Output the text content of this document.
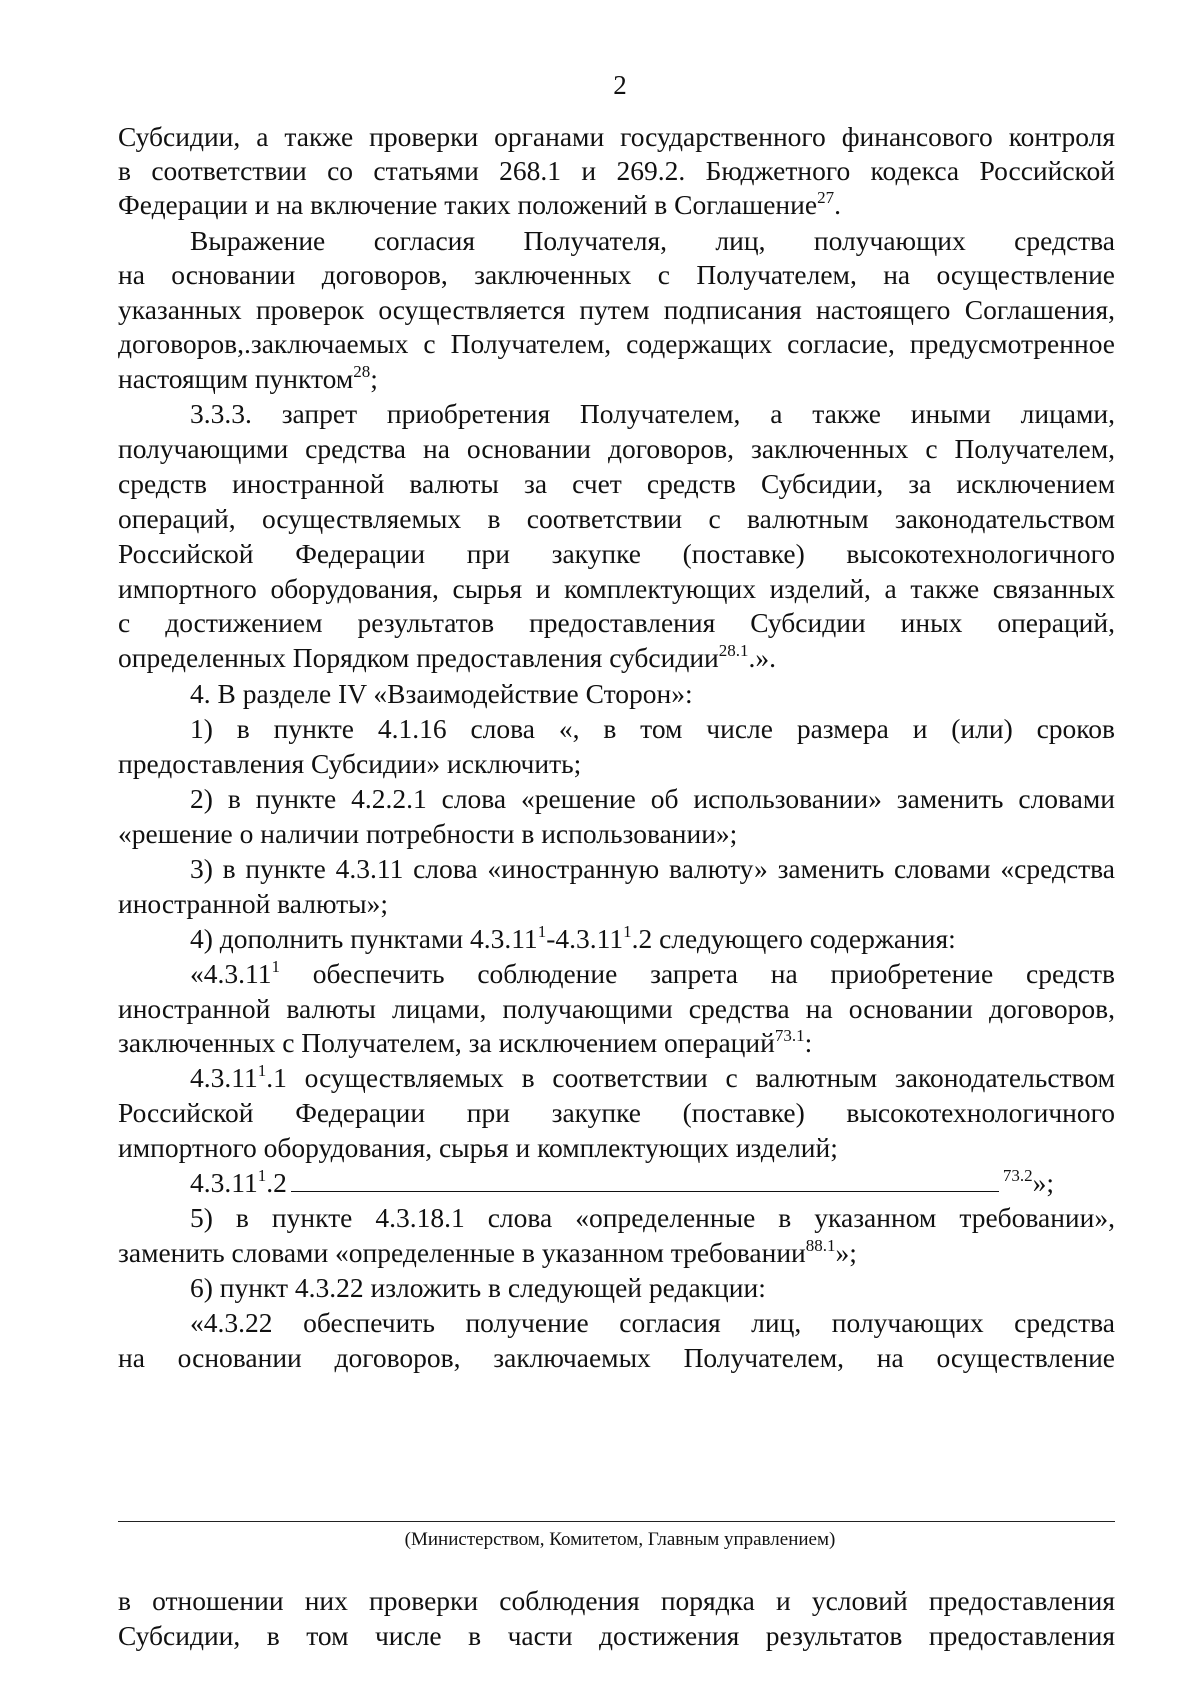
2
Субсидии, а также проверки органами государственного финансового контроля
в соответствии со статьями 268.1 и 269.2. Бюджетного кодекса Российской
Федерации и на включение таких положений в Соглашение$^{27}$.
Выражение согласия Получателя, лиц, получающих средства
на основании договоров, заключенных с Получателем, на осуществление
указанных проверок осуществляется путем подписания настоящего Соглашения,
договоров,.заключаемых с Получателем, содержащих согласие, предусмотренное
настоящим пунктом$^{28}$;
3.3.3. запрет приобретения Получателем, а также иными лицами,
получающими средства на основании договоров, заключенных с Получателем,
средств иностранной валюты за счет средств Субсидии, за исключением
операций, осуществляемых в соответствии с валютным законодательством
Российской Федерации при закупке (поставке) высокотехнологичного
импортного оборудования, сырья и комплектующих изделий, а также связанных
с достижением результатов предоставления Субсидии иных операций,
определенных Порядком предоставления субсидии$^{28.1}$.».
4. В разделе IV «Взаимодействие Сторон»:
1) в пункте 4.1.16 слова «, в том числе размера и (или) сроков
предоставления Субсидии» исключить;
2) в пункте 4.2.2.1 слова «решение об использовании» заменить словами
«решение о наличии потребности в использовании»;
3) в пункте 4.3.11 слова «иностранную валюту» заменить словами «средства
иностранной валюты»;
4) дополнить пунктами 4.3.11$^1$-4.3.11$^1$.2 следующего содержания:
«4.3.11$^1$ обеспечить соблюдение запрета на приобретение средств
иностранной валюты лицами, получающими средства на основании договоров,
заключенных с Получателем, за исключением операций$^{73.1}$:
4.3.11$^1$.1 осуществляемых в соответствии с валютным законодательством
Российской Федерации при закупке (поставке) высокотехнологичного
импортного оборудования, сырья и комплектующих изделий;
4.3.11$^1$.2	$^{73.2}$»;
5) в пункте 4.3.18.1 слова «определенные в указанном требовании»,
заменить словами «определенные в указанном требовании$^{88.1}$»;
6) пункт 4.3.22 изложить в следующей редакции:
«4.3.22 обеспечить получение согласия лиц, получающих средства
на основании договоров, заключаемых Получателем, на осуществление
в отношении них проверки соблюдения порядка и условий предоставления
Субсидии, в том числе в части достижения результатов предоставления
(Министерством, Комитетом, Главным управлением)
